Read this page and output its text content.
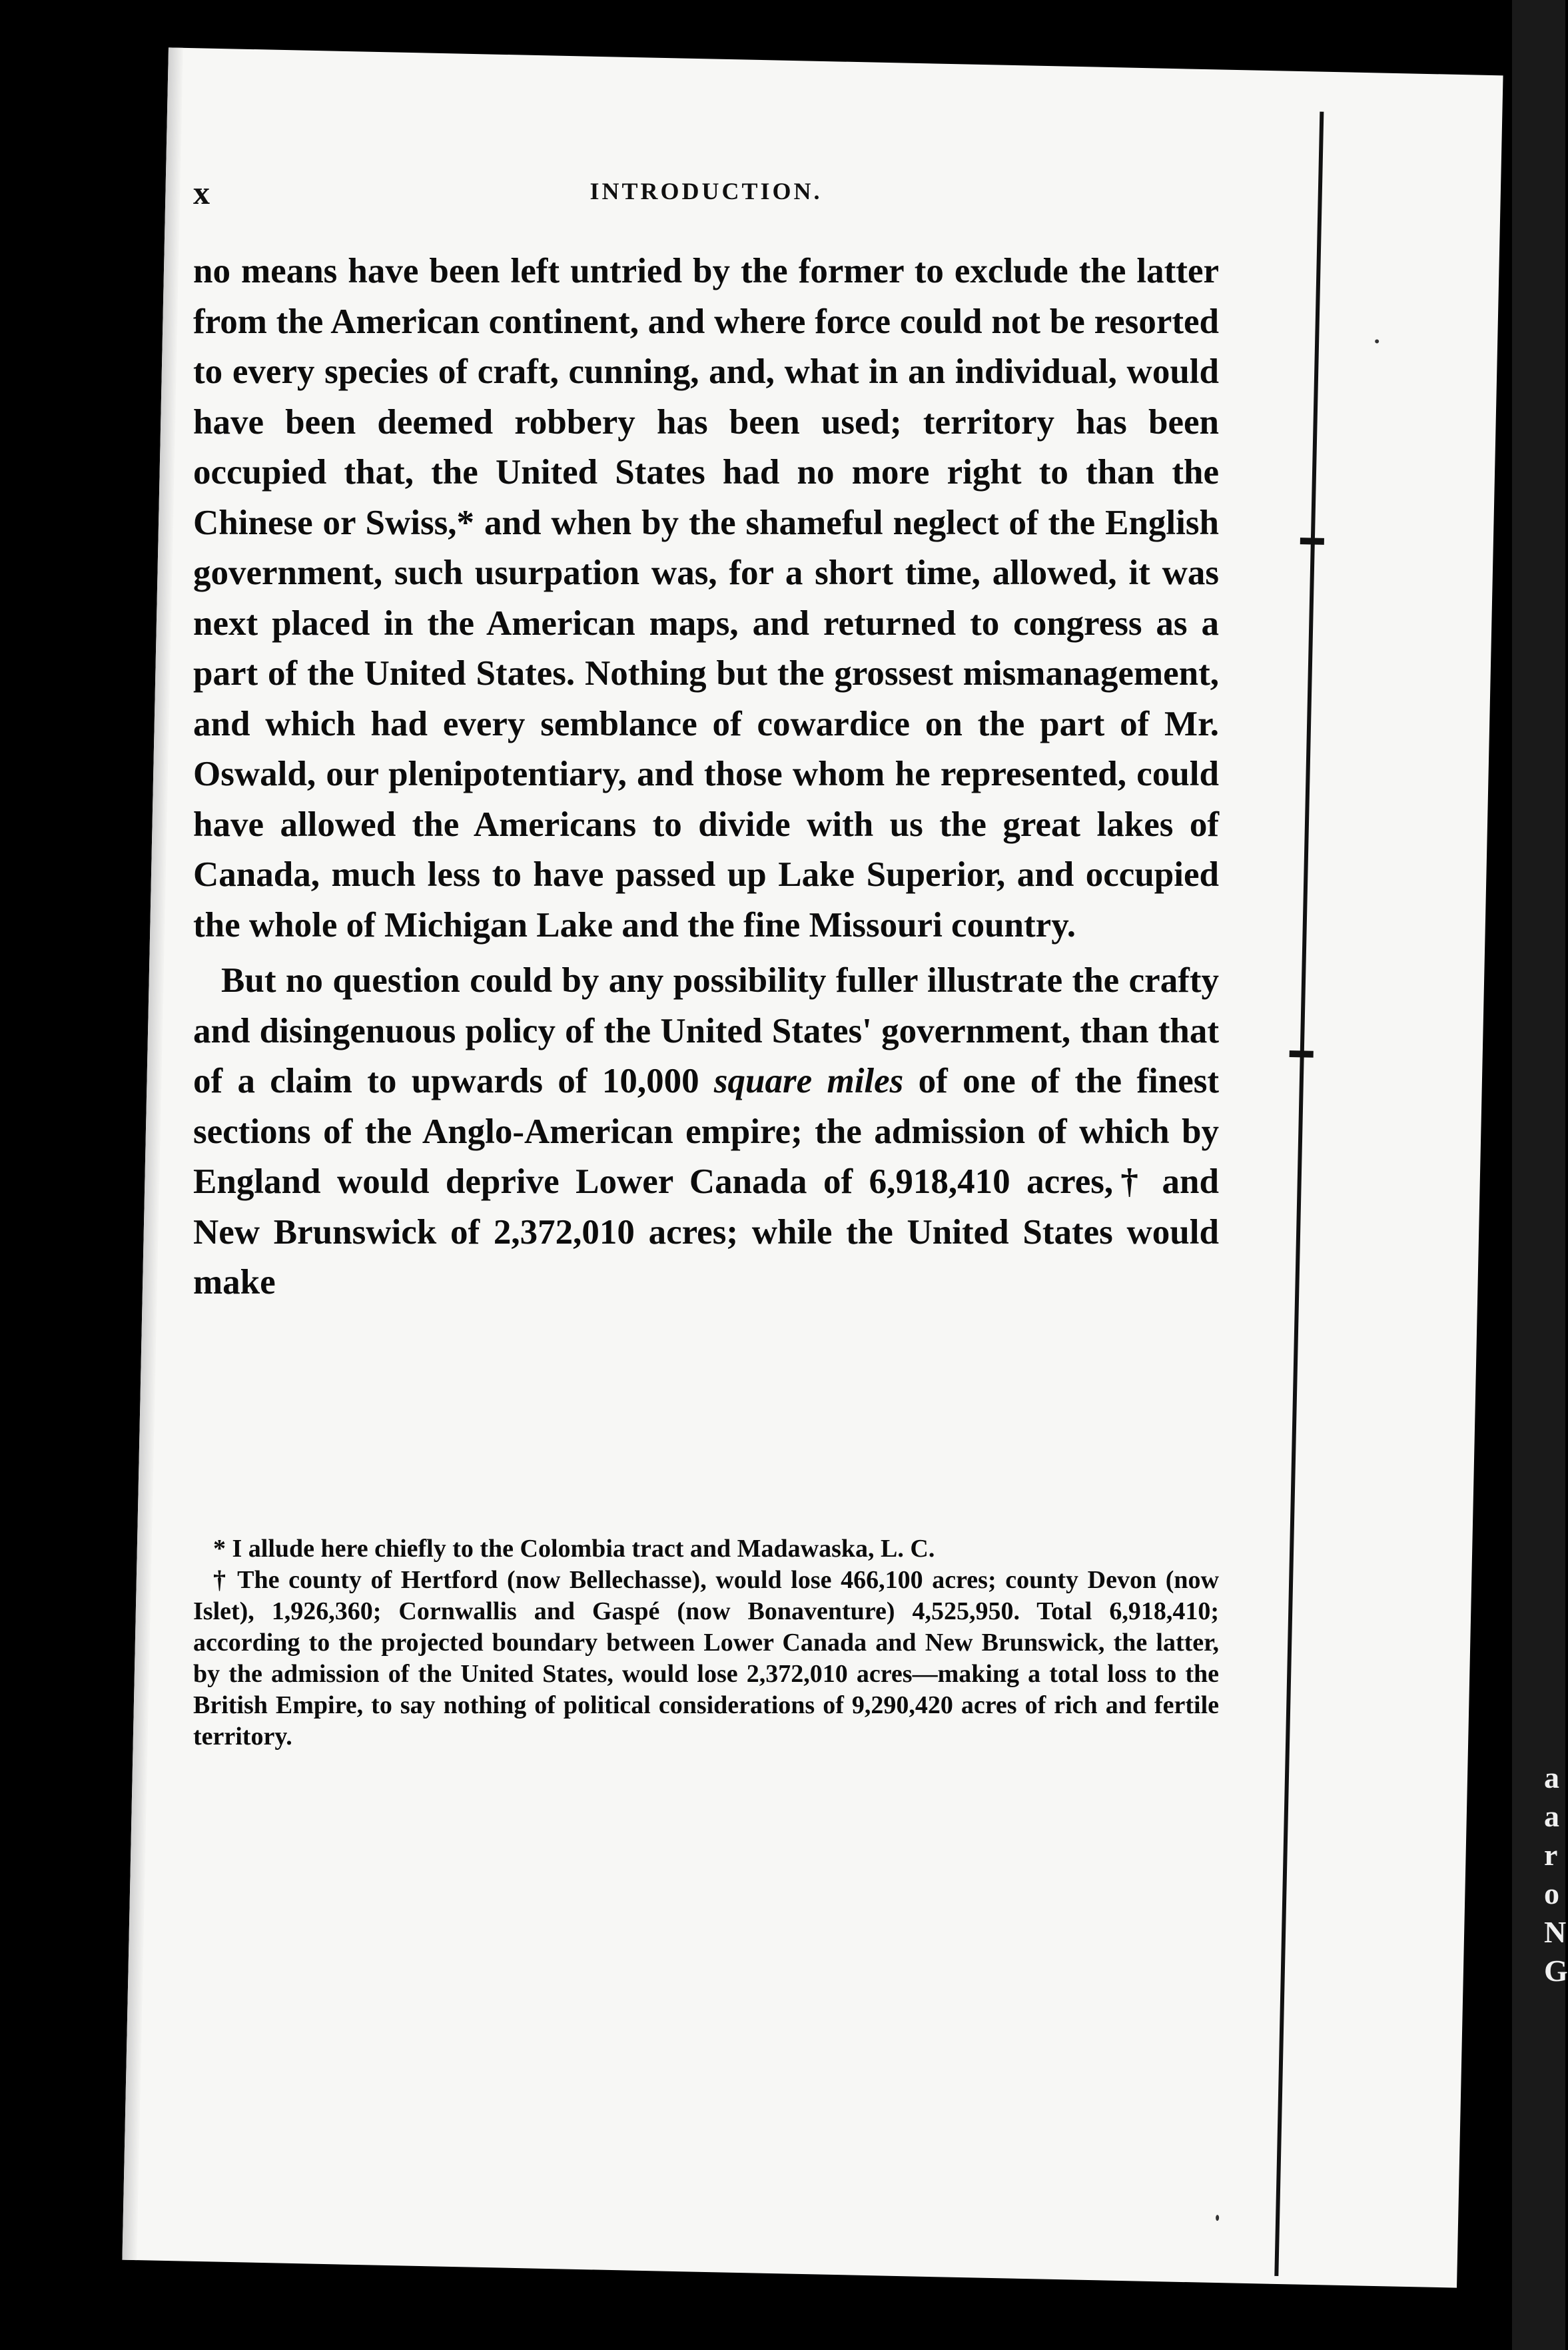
a
a
r
o
N
G
x	INTRODUCTION.

no means have been left untried by the former to exclude the latter from the American continent, and where force could not be resorted to every species of craft, cunning, and, what in an individual, would have been deemed robbery has been used; territory has been occupied that, the United States had no more right to than the Chinese or Swiss,* and when by the shameful neglect of the English government, such usurpation was, for a short time, allowed, it was next placed in the American maps, and returned to congress as a part of the United States. Nothing but the grossest mismanagement, and which had every semblance of cowardice on the part of Mr. Oswald, our plenipotentiary, and those whom he represented, could have allowed the Americans to divide with us the great lakes of Canada, much less to have passed up Lake Superior, and occupied the whole of Michigan Lake and the fine Missouri country.

But no question could by any possibility fuller illustrate the crafty and disingenuous policy of the United States' government, than that of a claim to upwards of 10,000 square miles of one of the finest sections of the Anglo-American empire; the admission of which by England would deprive Lower Canada of 6,918,410 acres,† and New Brunswick of 2,372,010 acres; while the United States would make

* I allude here chiefly to the Colombia tract and Madawaska, L. C.

† The county of Hertford (now Bellechasse), would lose 466,100 acres; county Devon (now Islet), 1,926,360; Cornwallis and Gaspé (now Bonaventure) 4,525,950. Total 6,918,410; according to the projected boundary between Lower Canada and New Brunswick, the latter, by the admission of the United States, would lose 2,372,010 acres—making a total loss to the British Empire, to say nothing of political considerations of 9,290,420 acres of rich and fertile territory.
